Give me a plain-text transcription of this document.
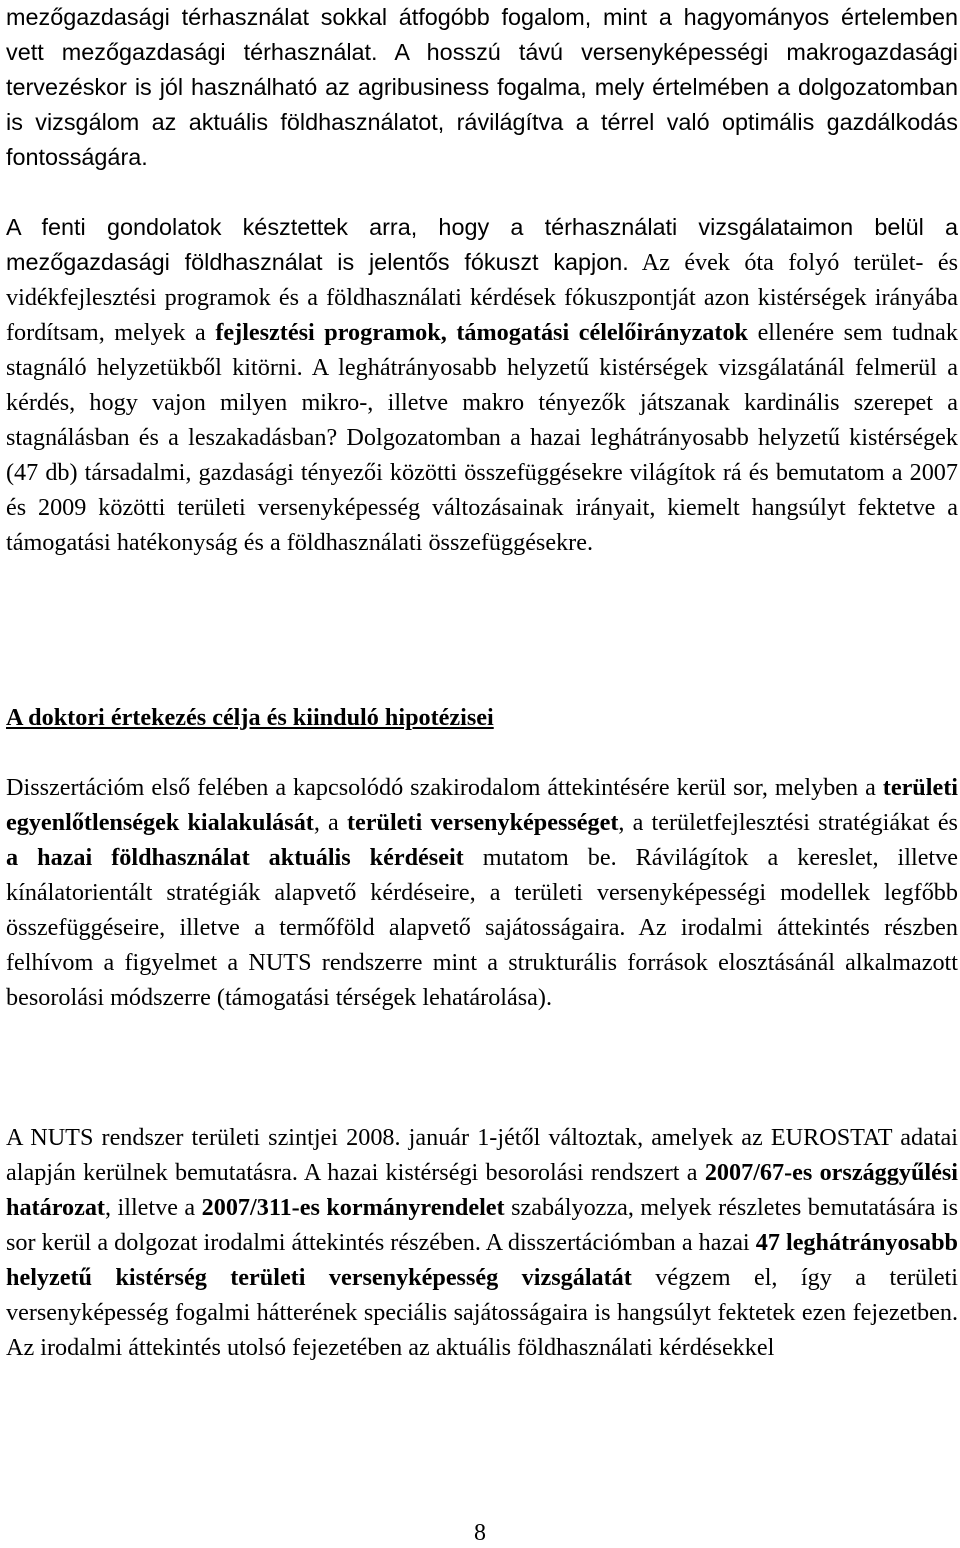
mezőgazdasági térhasználat sokkal átfogóbb fogalom, mint a hagyományos értelemben vett mezőgazdasági térhasználat. A hosszú távú versenyképességi makrogazdasági tervezéskor is jól használható az agribusiness fogalma, mely értelmében a dolgozatomban is vizsgálom az aktuális földhasználatot, rávilágítva a térrel való optimális gazdálkodás fontosságára.

A fenti gondolatok késztettek arra, hogy a térhasználati vizsgálataimon belül a mezőgazdasági földhasználat is jelentős fókuszt kapjon. Az évek óta folyó terület- és vidékfejlesztési programok és a földhasználati kérdések fókuszpontját azon kistérségek irányába fordítsam, melyek a fejlesztési programok, támogatási célelőirányzatok ellenére sem tudnak stagnáló helyzetükből kitörni. A leghátrányosabb helyzetű kistérségek vizsgálatánál felmerül a kérdés, hogy vajon milyen mikro-, illetve makro tényezők játszanak kardinális szerepet a stagnálásban és a leszakadásban? Dolgozatomban a hazai leghátrányosabb helyzetű kistérségek (47 db) társadalmi, gazdasági tényezői közötti összefüggésekre világítok rá és bemutatom a 2007 és 2009 közötti területi versenyképesség változásainak irányait, kiemelt hangsúlyt fektetve a támogatási hatékonyság és a földhasználati összefüggésekre.

A doktori értekezés célja és kiinduló hipotézisei

Disszertációm első felében a kapcsolódó szakirodalom áttekintésére kerül sor, melyben a területi egyenlőtlenségek kialakulását, a területi versenyképességet, a területfejlesztési stratégiákat és a hazai földhasználat aktuális kérdéseit mutatom be. Rávilágítok a kereslet, illetve kínálatorientált stratégiák alapvető kérdéseire, a területi versenyképességi modellek legfőbb összefüggéseire, illetve a termőföld alapvető sajátosságaira. Az irodalmi áttekintés részben felhívom a figyelmet a NUTS rendszerre mint a strukturális források elosztásánál alkalmazott besorolási módszerre (támogatási térségek lehatárolása).

A NUTS rendszer területi szintjei 2008. január 1-jétől változtak, amelyek az EUROSTAT adatai alapján kerülnek bemutatásra. A hazai kistérségi besorolási rendszert a 2007/67-es országgyűlési határozat, illetve a 2007/311-es kormányrendelet szabályozza, melyek részletes bemutatására is sor kerül a dolgozat irodalmi áttekintés részében. A disszertációmban a hazai 47 leghátrányosabb helyzetű kistérség területi versenyképesség vizsgálatát végzem el, így a területi versenyképesség fogalmi hátterének speciális sajátosságaira is hangsúlyt fektetek ezen fejezetben. Az irodalmi áttekintés utolsó fejezetében az aktuális földhasználati kérdésekkel

8
